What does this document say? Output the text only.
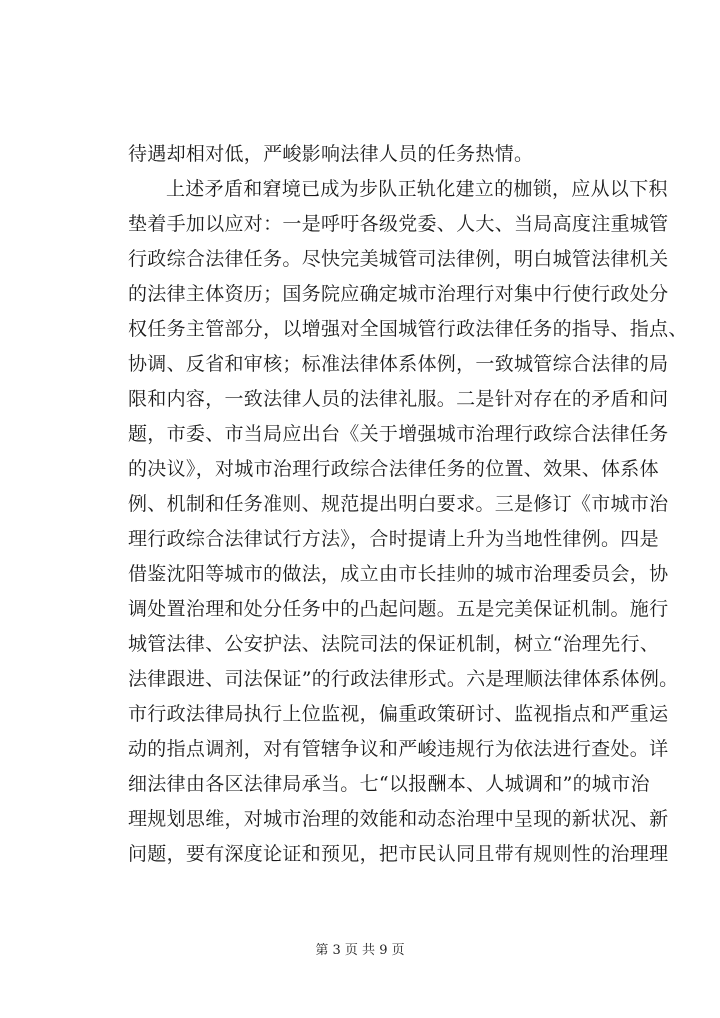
待遇却相对低，严峻影响法律人员的任务热情。
上述矛盾和窘境已成为步队正轨化建立的枷锁，应从以下积
垫着手加以应对：一是呼吁各级党委、人大、当局高度注重城管
行政综合法律任务。尽快完美城管司法律例，明白城管法律机关
的法律主体资历；国务院应确定城市治理行对集中行使行政处分
权任务主管部分，以增强对全国城管行政法律任务的指导、指点、
协调、反省和审核；标准法律体系体例，一致城管综合法律的局
限和内容，一致法律人员的法律礼服。二是针对存在的矛盾和问
题，市委、市当局应出台《关于增强城市治理行政综合法律任务
的决议》，对城市治理行政综合法律任务的位置、效果、体系体
例、机制和任务准则、规范提出明白要求。三是修订《市城市治
理行政综合法律试行方法》，合时提请上升为当地性律例。四是
借鉴沈阳等城市的做法，成立由市长挂帅的城市治理委员会，协
调处置治理和处分任务中的凸起问题。五是完美保证机制。施行
城管法律、公安护法、法院司法的保证机制，树立“治理先行、
法律跟进、司法保证”的行政法律形式。六是理顺法律体系体例。
市行政法律局执行上位监视，偏重政策研讨、监视指点和严重运
动的指点调剂，对有管辖争议和严峻违规行为依法进行查处。详
细法律由各区法律局承当。七“以报酬本、人城调和”的城市治
理规划思维，对城市治理的效能和动态治理中呈现的新状况、新
问题，要有深度论证和预见，把市民认同且带有规则性的治理理
第 3 页 共 9 页
